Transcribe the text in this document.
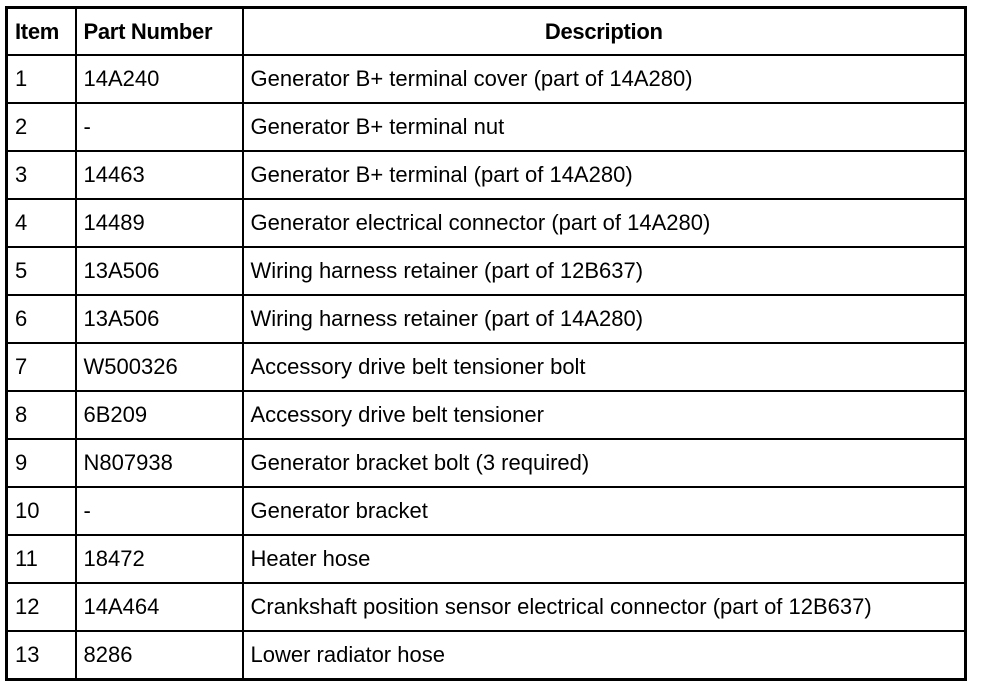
Item	Part Number	Description
1	14A240	Generator B+ terminal cover (part of 14A280)
2	-	Generator B+ terminal nut
3	14463	Generator B+ terminal (part of 14A280)
4	14489	Generator electrical connector (part of 14A280)
5	13A506	Wiring harness retainer (part of 12B637)
6	13A506	Wiring harness retainer (part of 14A280)
7	W500326	Accessory drive belt tensioner bolt
8	6B209	Accessory drive belt tensioner
9	N807938	Generator bracket bolt (3 required)
10	-	Generator bracket
11	18472	Heater hose
12	14A464	Crankshaft position sensor electrical connector (part of 12B637)
13	8286	Lower radiator hose
